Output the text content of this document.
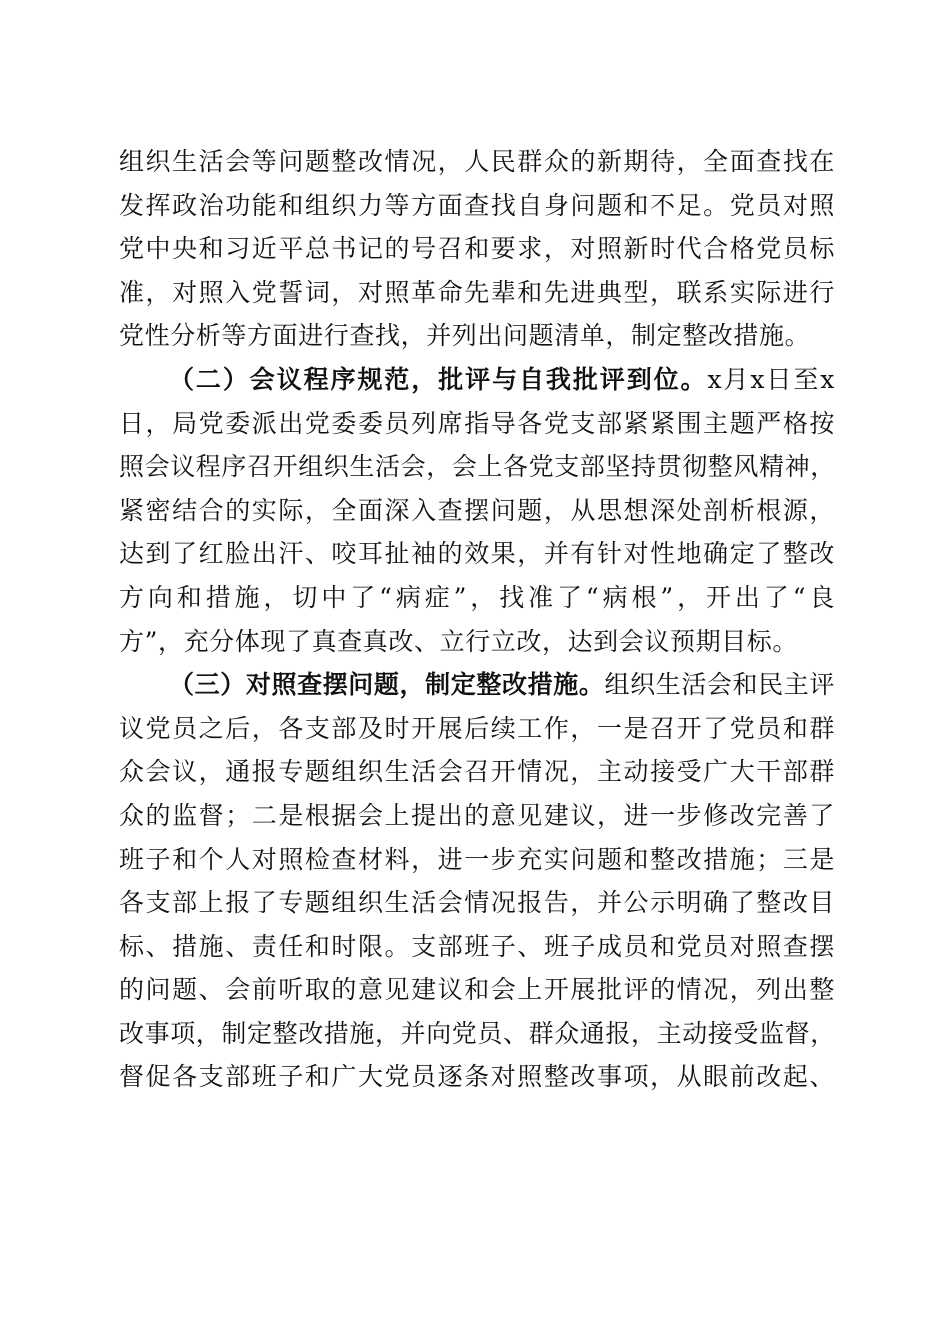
组织生活会等问题整改情况，人民群众的新期待，全面查找在
发挥政治功能和组织力等方面查找自身问题和不足。党员对照
党中央和习近平总书记的号召和要求，对照新时代合格党员标
准，对照入党誓词，对照革命先辈和先进典型，联系实际进行
党性分析等方面进行查找，并列出问题清单，制定整改措施。
（二）会议程序规范，批评与自我批评到位。x月x日至x
日，局党委派出党委委员列席指导各党支部紧紧围主题严格按
照会议程序召开组织生活会，会上各党支部坚持贯彻整风精神，
紧密结合的实际，全面深入查摆问题，从思想深处剖析根源，
达到了红脸出汗、咬耳扯袖的效果，并有针对性地确定了整改
方向和措施，切中了“病症”，找准了“病根”，开出了“良
方”，充分体现了真查真改、立行立改，达到会议预期目标。
（三）对照查摆问题，制定整改措施。组织生活会和民主评
议党员之后，各支部及时开展后续工作，一是召开了党员和群
众会议，通报专题组织生活会召开情况，主动接受广大干部群
众的监督；二是根据会上提出的意见建议，进一步修改完善了
班子和个人对照检查材料，进一步充实问题和整改措施；三是
各支部上报了专题组织生活会情况报告，并公示明确了整改目
标、措施、责任和时限。支部班子、班子成员和党员对照查摆
的问题、会前听取的意见建议和会上开展批评的情况，列出整
改事项，制定整改措施，并向党员、群众通报，主动接受监督，
督促各支部班子和广大党员逐条对照整改事项，从眼前改起、
